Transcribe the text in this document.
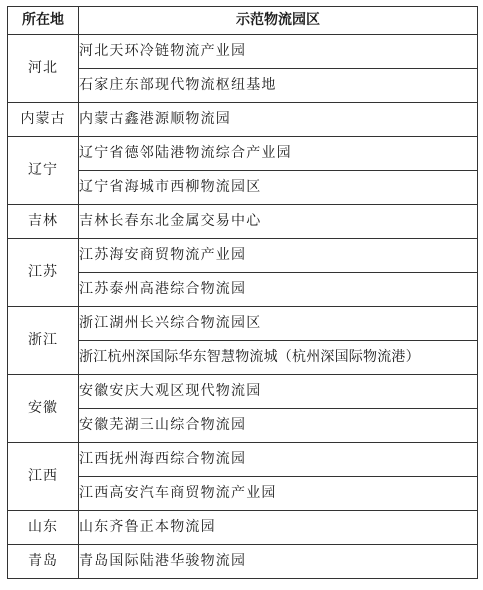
所在地	示范物流园区
河北	河北天环冷链物流产业园
	石家庄东部现代物流枢纽基地
内蒙古	内蒙古鑫港源顺物流园
辽宁	辽宁省德邻陆港物流综合产业园
	辽宁省海城市西柳物流园区
吉林	吉林长春东北金属交易中心
江苏	江苏海安商贸物流产业园
	江苏泰州高港综合物流园
浙江	浙江湖州长兴综合物流园区
	浙江杭州深国际华东智慧物流城（杭州深国际物流港）
安徽	安徽安庆大观区现代物流园
	安徽芜湖三山综合物流园
江西	江西抚州海西综合物流园
	江西高安汽车商贸物流产业园
山东	山东齐鲁正本物流园
青岛	青岛国际陆港华骏物流园
